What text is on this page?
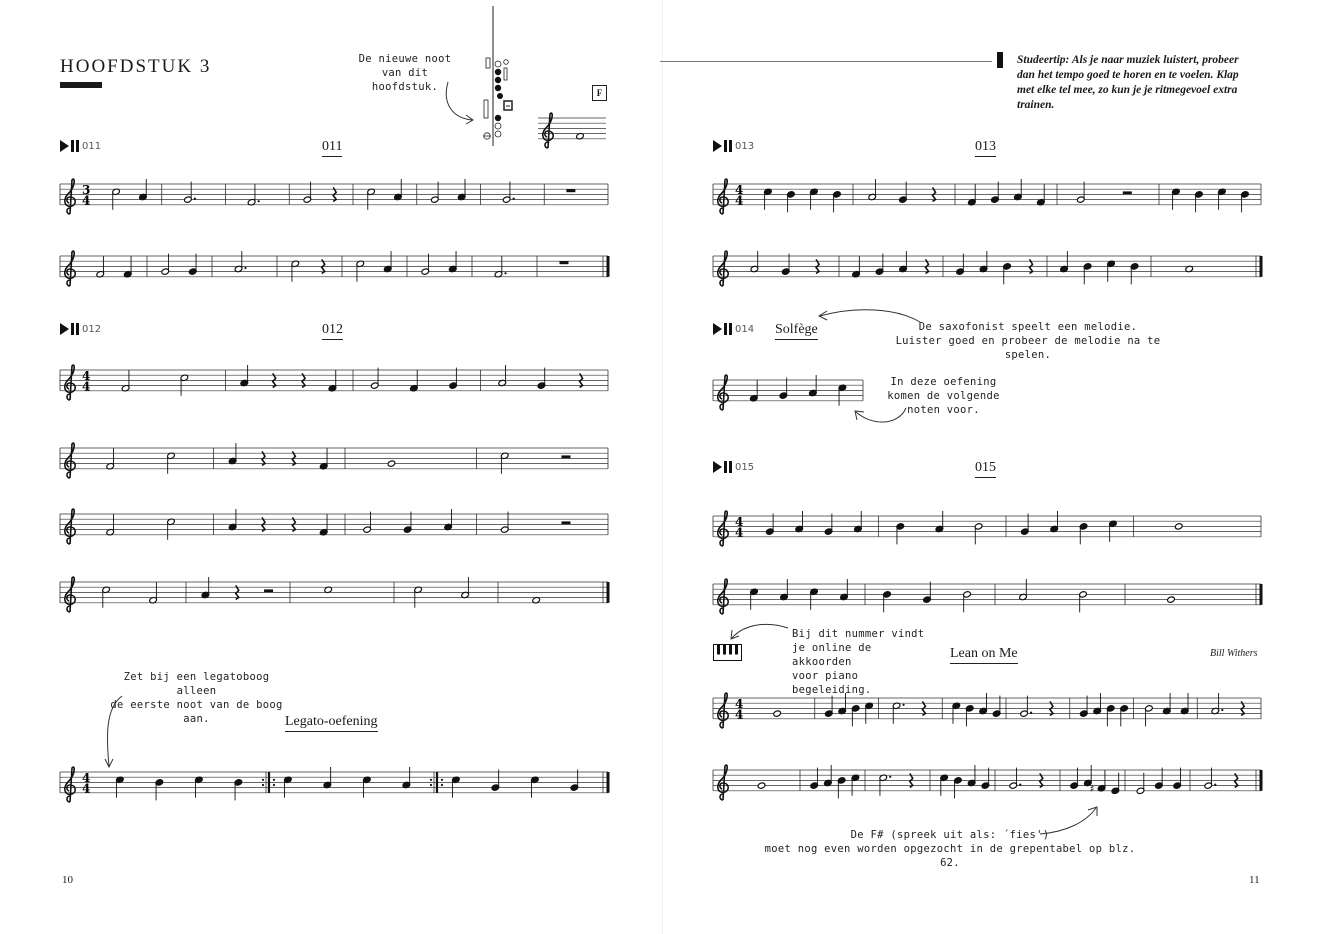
HOOFDSTUK 3	De nieuwe noot
van dit hoofdstuk.	F
011	011
3
4
012	012
4
4
Zet bij een legatoboog alleen
de eerste noot van de boog aan.	Legato-oefening
4
4
10
Studeertip: Als je naar muziek luistert, probeer dan het tempo goed te horen en te voelen. Klap met elke tel mee, zo kun je je ritmegevoel extra trainen.
013	013
4
4
De saxofonist speelt een melodie.
Luister goed en probeer de melodie na te spelen.
014 Solfège
In deze oefening
komen de volgende
noten voor.
015	015
4
4
Bij dit nummer vindt
je online de akkoorden
voor piano begeleiding.
Lean on Me	Bill Withers
4
4
♯
De F# (spreek uit als: ´fies')
moet nog even worden opgezocht in de grepentabel op blz. 62.
11
